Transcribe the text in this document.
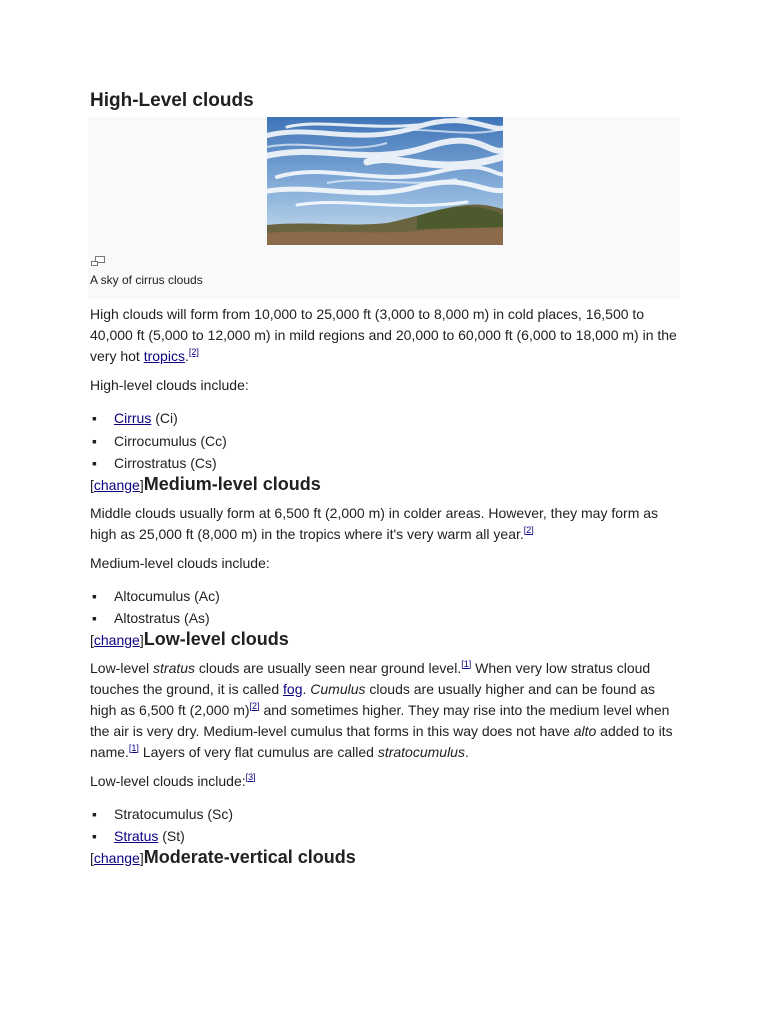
High-Level clouds
A sky of cirrus clouds

High clouds will form from 10,000 to 25,000 ft (3,000 to 8,000 m) in cold places, 16,500 to 40,000 ft (5,000 to 12,000 m) in mild regions and 20,000 to 60,000 ft (6,000 to 18,000 m) in the very hot tropics.[2]

High-level clouds include:

▪ Cirrus (Ci)
▪ Cirrocumulus (Cc)
▪ Cirrostratus (Cs)
[change]Medium-level clouds

Middle clouds usually form at 6,500 ft (2,000 m) in colder areas. However, they may form as high as 25,000 ft (8,000 m) in the tropics where it's very warm all year.[2]

Medium-level clouds include:

▪ Altocumulus (Ac)
▪ Altostratus (As)
[change]Low-level clouds

Low-level stratus clouds are usually seen near ground level.[1] When very low stratus cloud touches the ground, it is called fog. Cumulus clouds are usually higher and can be found as high as 6,500 ft (2,000 m)[2] and sometimes higher. They may rise into the medium level when the air is very dry. Medium-level cumulus that forms in this way does not have alto added to its name.[1] Layers of very flat cumulus are called stratocumulus.

Low-level clouds include:[3]

▪ Stratocumulus (Sc)
▪ Stratus (St)
[change]Moderate-vertical clouds
